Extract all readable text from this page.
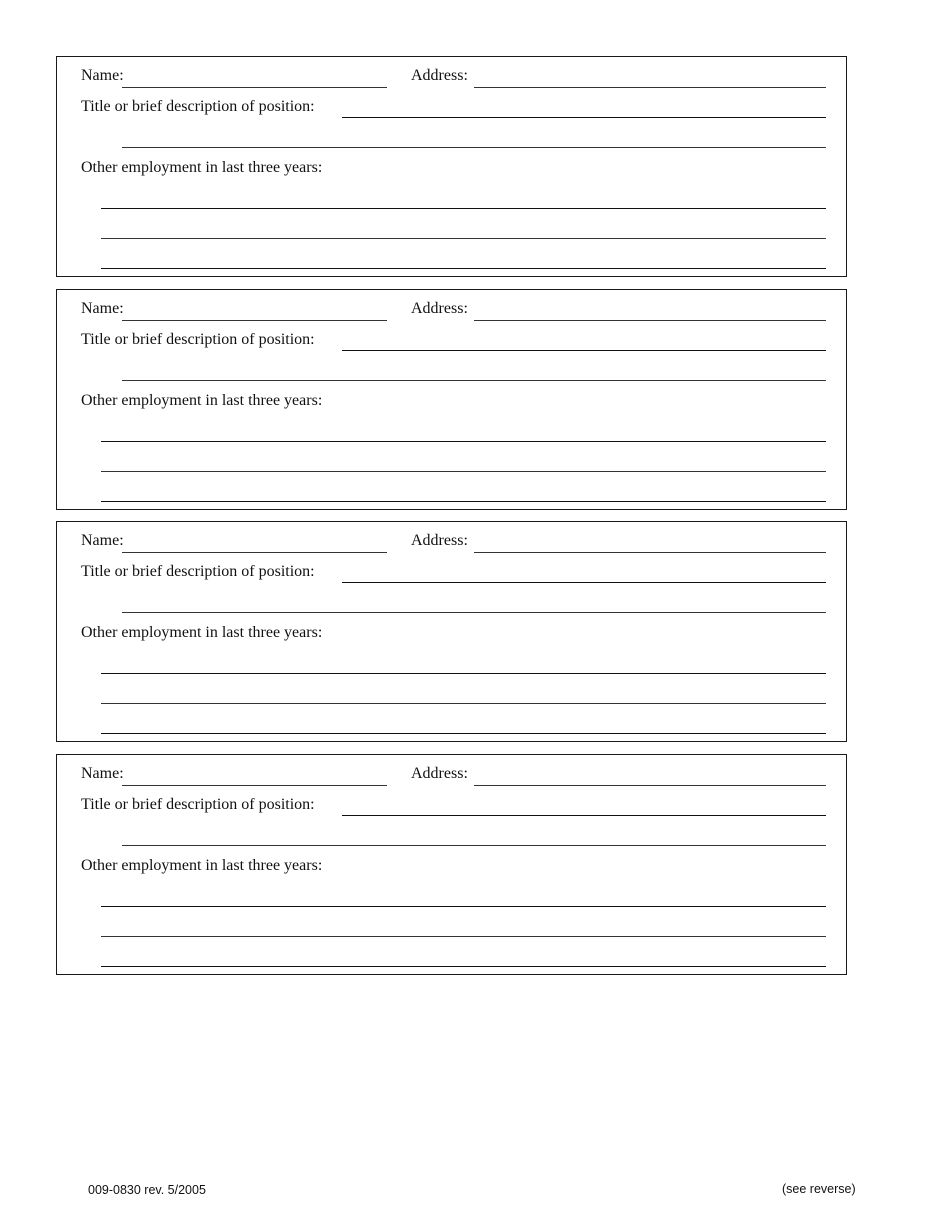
Name:	Address:
Title or brief description of position:
Other employment in last three years:
Name:	Address:
Title or brief description of position:
Other employment in last three years:
Name:	Address:
Title or brief description of position:
Other employment in last three years:
Name:	Address:
Title or brief description of position:
Other employment in last three years:
009-0830 rev. 5/2005	(see reverse)
